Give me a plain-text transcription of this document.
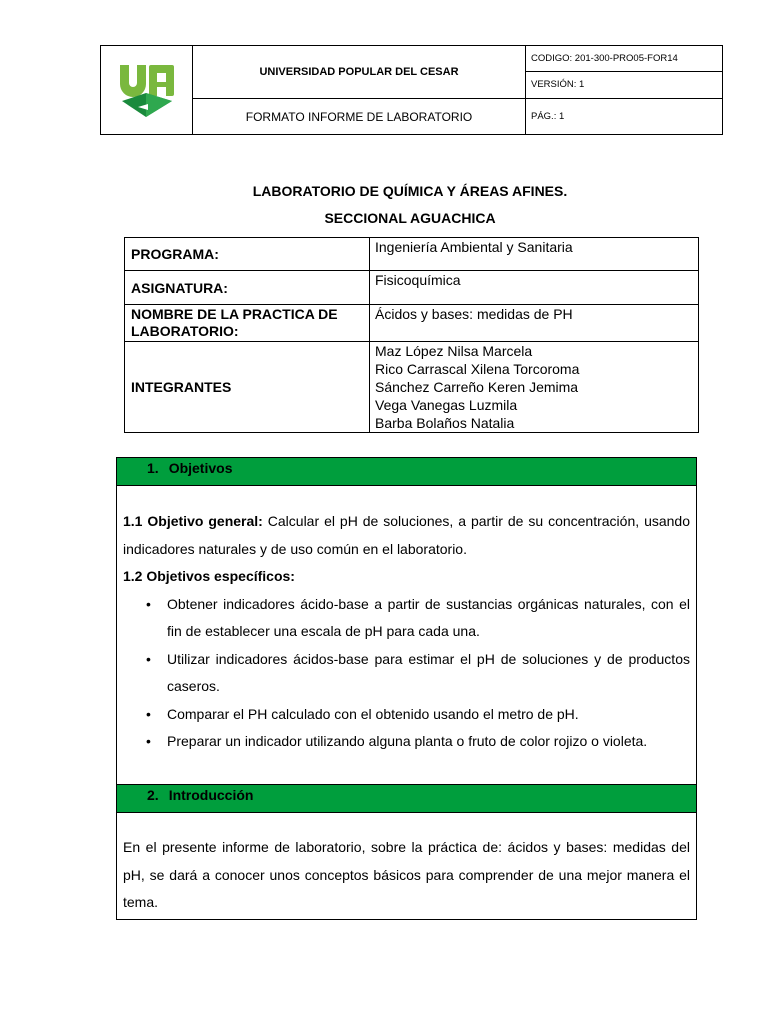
	UNIVERSIDAD POPULAR DEL CESAR	CODIGO: 201-300-PRO05-FOR14
VERSIÓN: 1

	FORMATO INFORME DE LABORATORIO	PÁG.: 1
LABORATORIO DE QUÍMICA Y ÁREAS AFINES.
SECCIONAL AGUACHICA
PROGRAMA:	Ingeniería Ambiental y Sanitaria
ASIGNATURA:	Fisicoquímica
NOMBRE DE LA PRACTICA DE LABORATORIO:	Ácidos y bases: medidas de PH
INTEGRANTES	Maz López Nilsa Marcela
Rico Carrascal Xilena Torcoroma
Sánchez Carreño Keren Jemima
Vega Vanegas Luzmila
Barba Bolaños Natalia
1. Objetivos
1.1 Objetivo general: Calcular el pH de soluciones, a partir de su concentración, usando indicadores naturales y de uso común en el laboratorio.
1.2 Objetivos específicos:
• Obtener indicadores ácido-base a partir de sustancias orgánicas naturales, con el fin de establecer una escala de pH para cada una.
• Utilizar indicadores ácidos-base para estimar el pH de soluciones y de productos caseros.
• Comparar el PH calculado con el obtenido usando el metro de pH.
• Preparar un indicador utilizando alguna planta o fruto de color rojizo o violeta.
2. Introducción
En el presente informe de laboratorio, sobre la práctica de: ácidos y bases: medidas del pH, se dará a conocer unos conceptos básicos para comprender de una mejor manera el tema.
